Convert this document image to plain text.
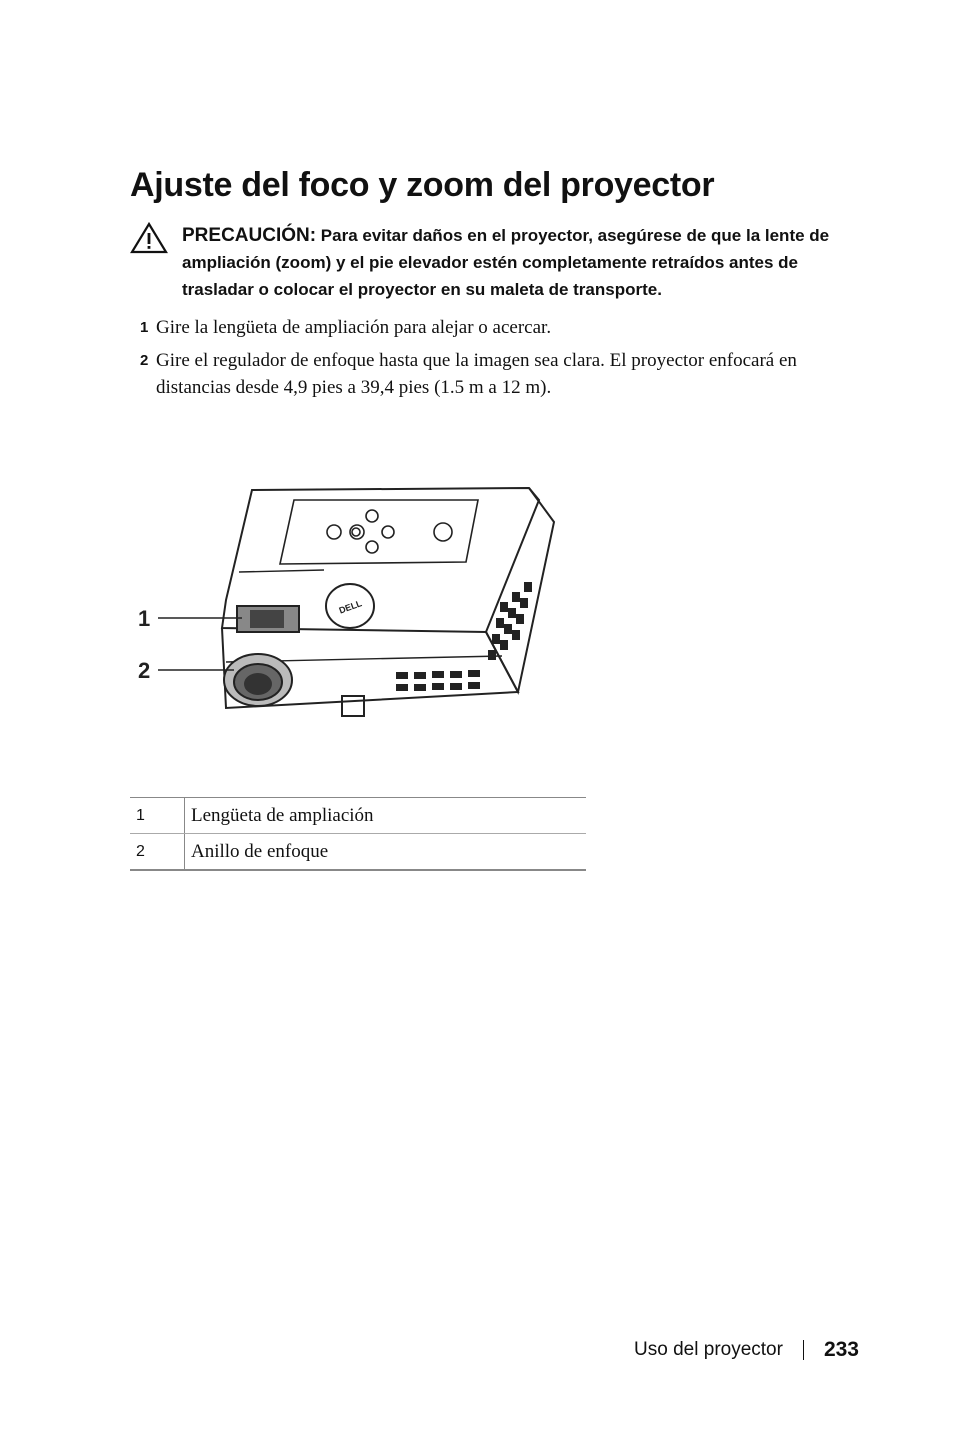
Ajuste del foco y zoom del proyector
PRECAUCIÓN: Para evitar daños en el proyector, asegúrese de que la lente de ampliación (zoom) y el pie elevador estén completamente retraídos antes de trasladar o colocar el proyector en su maleta de transporte.
1 Gire la lengüeta de ampliación para alejar o acercar.
2 Gire el regulador de enfoque hasta que la imagen sea clara. El proyector enfocará en distancias desde 4,9 pies a 39,4 pies (1.5 m a 12 m).
DELL
1
2
1	Lengüeta de ampliación
2	Anillo de enfoque
Uso del proyector 233
